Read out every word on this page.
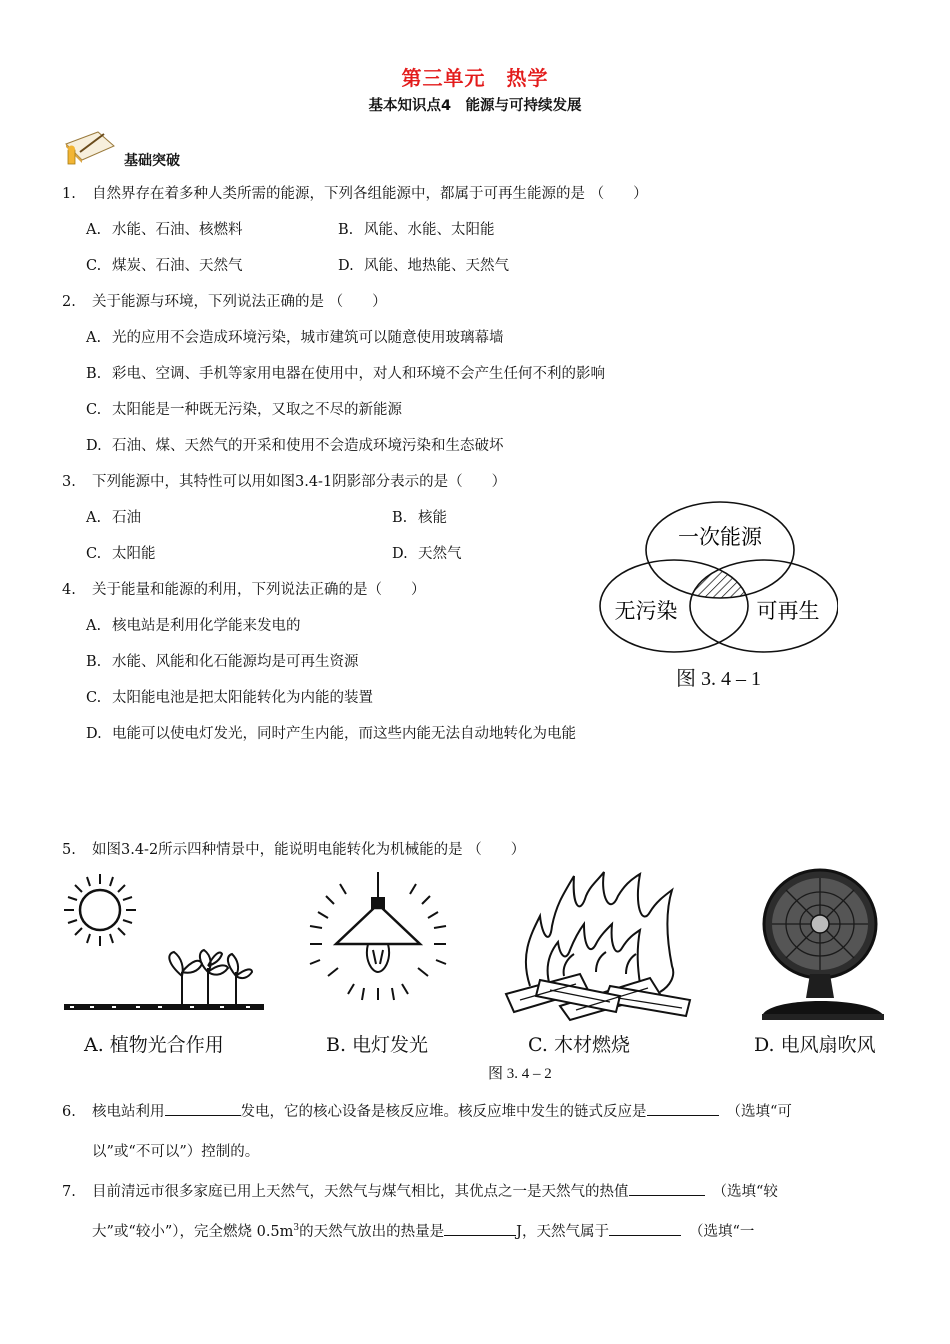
第三单元　热学
基本知识点4　能源与可持续发展
基础突破
1. 自然界存在着多种人类所需的能源，下列各组能源中，都属于可再生能源的是 （　　）
A. 水能、石油、核燃料	B. 风能、水能、太阳能
C. 煤炭、石油、天然气	D. 风能、地热能、天然气
2. 关于能源与环境，下列说法正确的是 （　　）
A. 光的应用不会造成环境污染，城市建筑可以随意使用玻璃幕墙
B. 彩电、空调、手机等家用电器在使用中，对人和环境不会产生任何不利的影响
C. 太阳能是一种既无污染，又取之不尽的新能源
D. 石油、煤、天然气的开采和使用不会造成环境污染和生态破坏
3. 下列能源中，其特性可以用如图3.4-1阴影部分表示的是（　　）
A. 石油	B. 核能
C. 太阳能	D. 天然气
一次能源
无污染	可再生
图 3. 4 – 1
4. 关于能量和能源的利用，下列说法正确的是（　　）
A. 核电站是利用化学能来发电的
B. 水能、风能和化石能源均是可再生资源
C. 太阳能电池是把太阳能转化为内能的装置
D. 电能可以使电灯发光，同时产生内能，而这些内能无法自动地转化为电能
5. 如图3.4-2所示四种情景中，能说明电能转化为机械能的是 （　　）
A. 植物光合作用	B. 电灯发光	C. 木材燃烧	D. 电风扇吹风
图 3. 4 – 2
6. 核电站利用	发电，它的核心设备是核反应堆。核反应堆中发生的链式反应是	（选填“可
以”或“不可以”）控制的。
7. 目前清远市很多家庭已用上天然气，天然气与煤气相比，其优点之一是天然气的热值	（选填“较
大”或“较小”），完全燃烧 $0.5m^3$的天然气放出的热量是	J，天然气属于	（选填“一
